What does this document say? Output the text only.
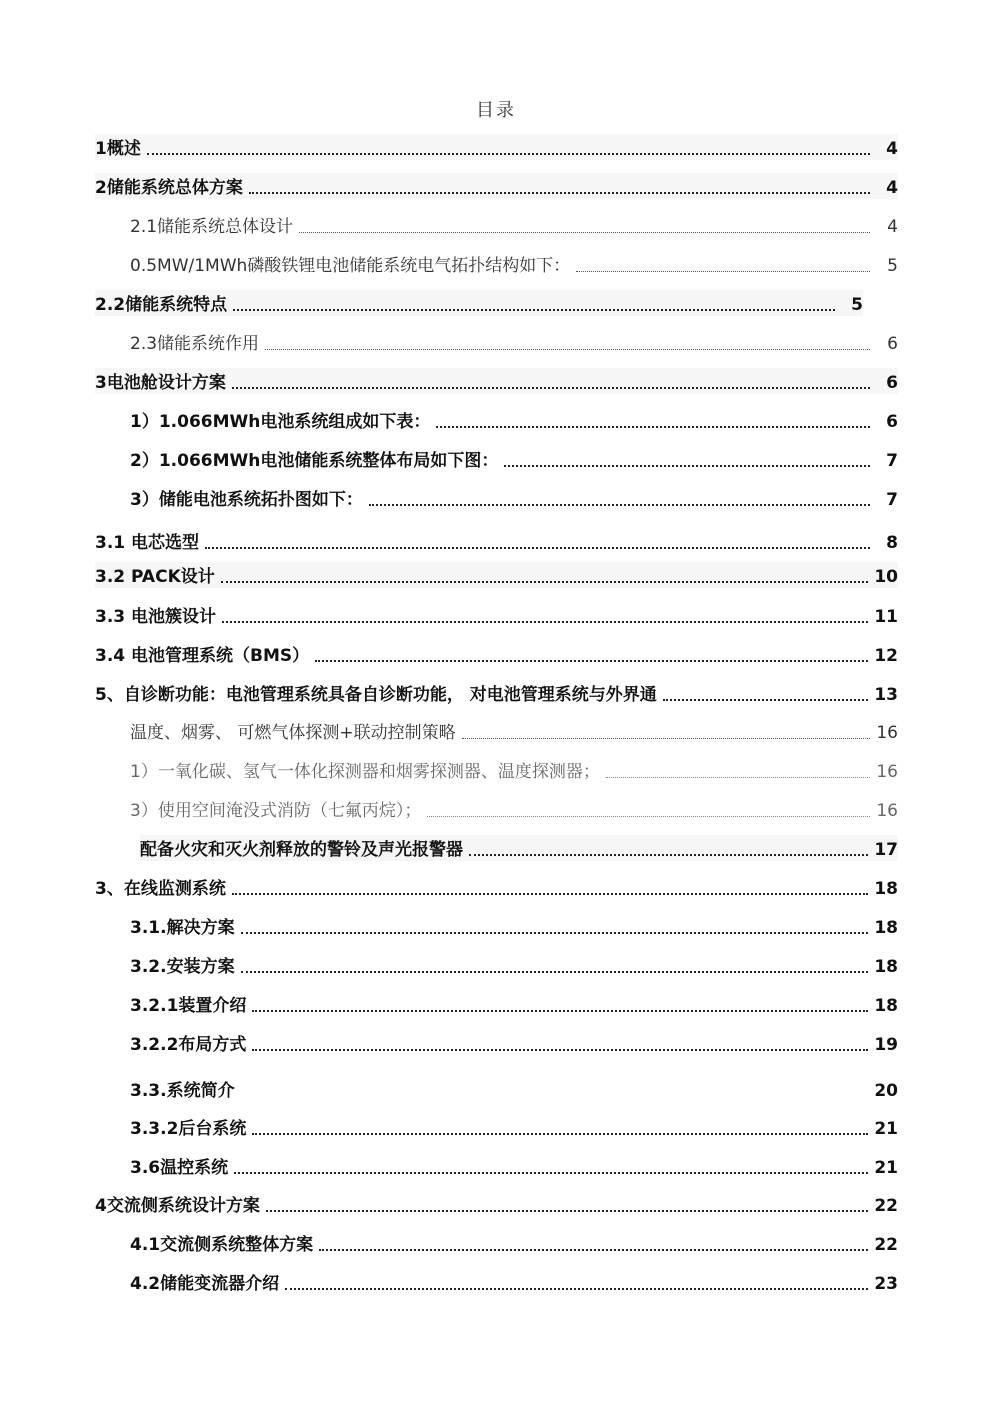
目录
1概述	4
2储能系统总体方案	4
2.1储能系统总体设计	4
0.5MW/1MWh磷酸铁锂电池储能系统电气拓扑结构如下：	5
2.2储能系统特点	5
2.3储能系统作用	6
3电池舱设计方案	6
1）1.066MWh电池系统组成如下表：	6
2）1.066MWh电池储能系统整体布局如下图：	7
3）储能电池系统拓扑图如下：	7
3.1 电芯选型	8
3.2 PACK设计	10
3.3 电池簇设计	11
3.4 电池管理系统（BMS）	12
5、自诊断功能：电池管理系统具备自诊断功能， 对电池管理系统与外界通	13
温度、烟雾、 可燃气体探测+联动控制策略	16
1）一氧化碳、氢气一体化探测器和烟雾探测器、温度探测器；	16
3）使用空间淹没式消防（七氟丙烷）；	16
配备火灾和灭火剂释放的警铃及声光报警器	17
3、在线监测系统	18
3.1.解决方案	18
3.2.安装方案	18
3.2.1装置介绍	18
3.2.2布局方式	19
3.3.系统简介	20
3.3.2后台系统	21
3.6温控系统	21
4交流侧系统设计方案	22
4.1交流侧系统整体方案	22
4.2储能变流器介绍	23
